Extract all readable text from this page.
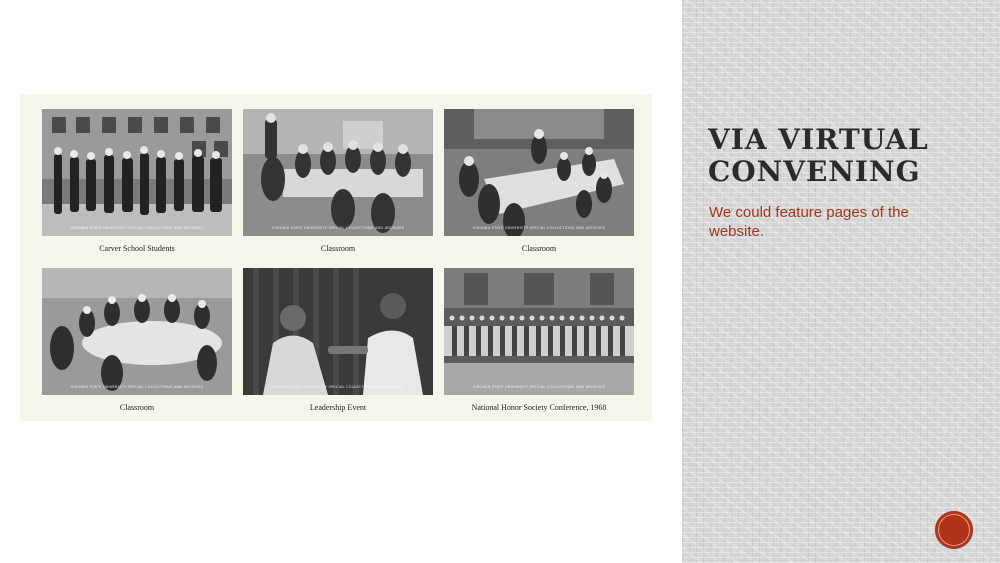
VIRGINIA STATE UNIVERSITY SPECIAL COLLECTIONS AND ARCHIVES
Carver School Students
VIRGINIA STATE UNIVERSITY SPECIAL COLLECTIONS AND ARCHIVES
Classroom
VIRGINIA STATE UNIVERSITY SPECIAL COLLECTIONS AND ARCHIVES
Classroom
VIRGINIA STATE UNIVERSITY SPECIAL COLLECTIONS AND ARCHIVES
Classroom
VIRGINIA STATE UNIVERSITY SPECIAL COLLECTIONS AND ARCHIVES
Leadership Event
VIRGINIA STATE UNIVERSITY SPECIAL COLLECTIONS AND ARCHIVES
National Honor Society Conference, 1968
VIA VIRTUAL CONVENING
We could feature pages of the website.
